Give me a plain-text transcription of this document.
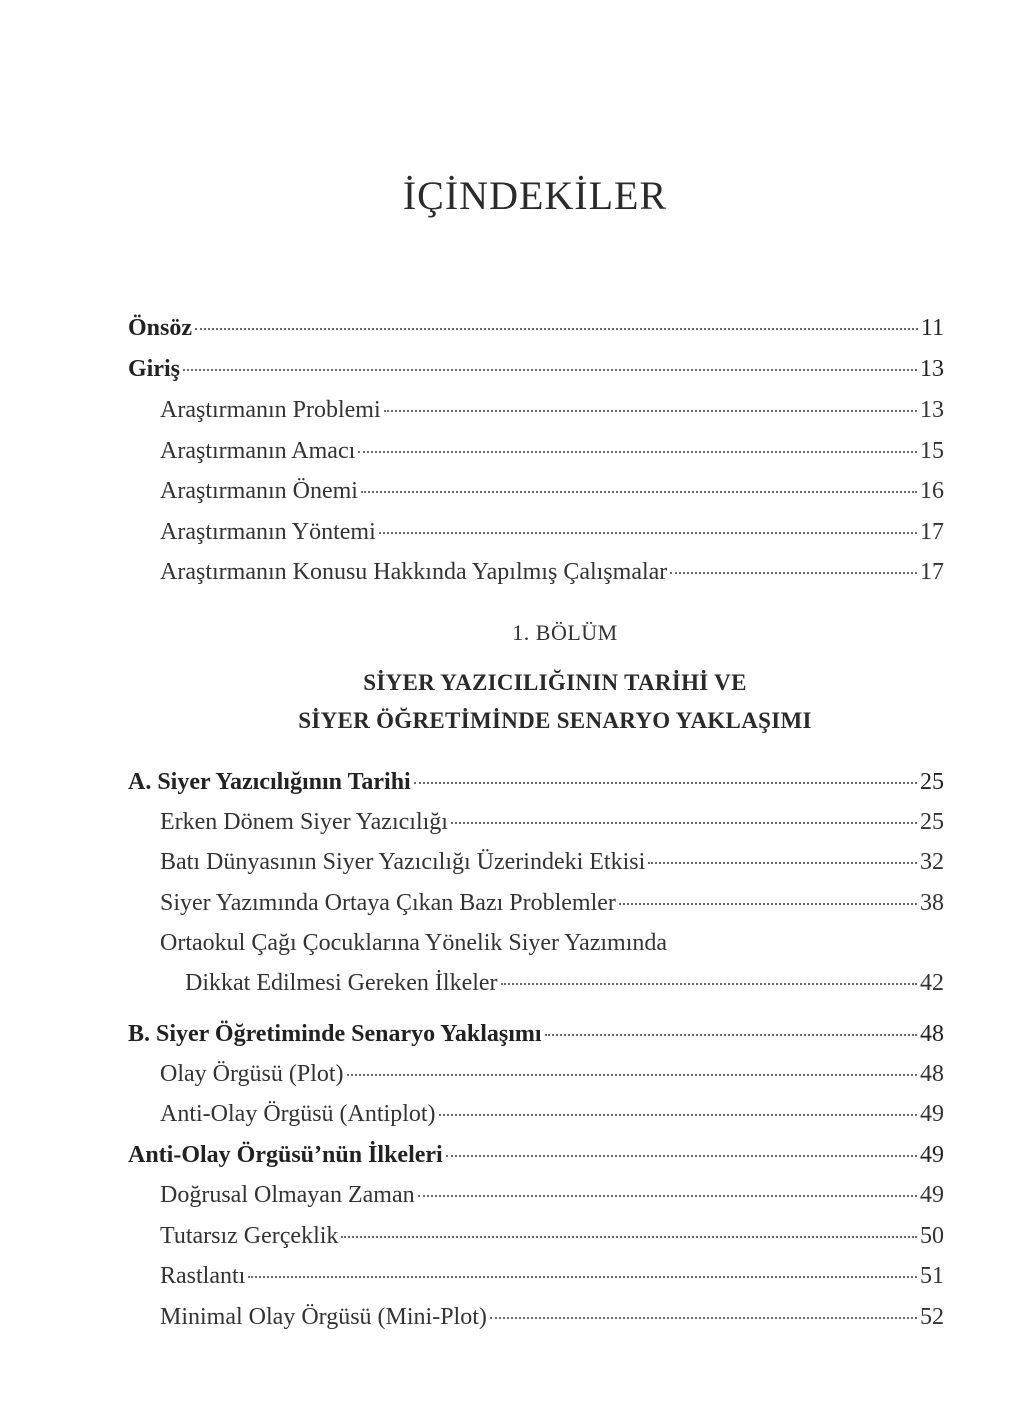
İÇİNDEKİLER
Önsöz	11
Giriş	13
Araştırmanın Problemi	13
Araştırmanın Amacı	15
Araştırmanın Önemi	16
Araştırmanın Yöntemi	17
Araştırmanın Konusu Hakkında Yapılmış Çalışmalar	17
1. BÖLÜM
SİYER YAZICILIĞININ TARİHİ VE
SİYER ÖĞRETİMİNDE SENARYO YAKLAŞIMI
A. Siyer Yazıcılığının Tarihi	25
Erken Dönem Siyer Yazıcılığı	25
Batı Dünyasının Siyer Yazıcılığı Üzerindeki Etkisi	32
Siyer Yazımında Ortaya Çıkan Bazı Problemler	38
Ortaokul Çağı Çocuklarına Yönelik Siyer Yazımında
Dikkat Edilmesi Gereken İlkeler	42
B. Siyer Öğretiminde Senaryo Yaklaşımı	48
Olay Örgüsü (Plot)	48
Anti-Olay Örgüsü (Antiplot)	49
Anti-Olay Örgüsü’nün İlkeleri	49
Doğrusal Olmayan Zaman	49
Tutarsız Gerçeklik	50
Rastlantı	51
Minimal Olay Örgüsü (Mini-Plot)	52
